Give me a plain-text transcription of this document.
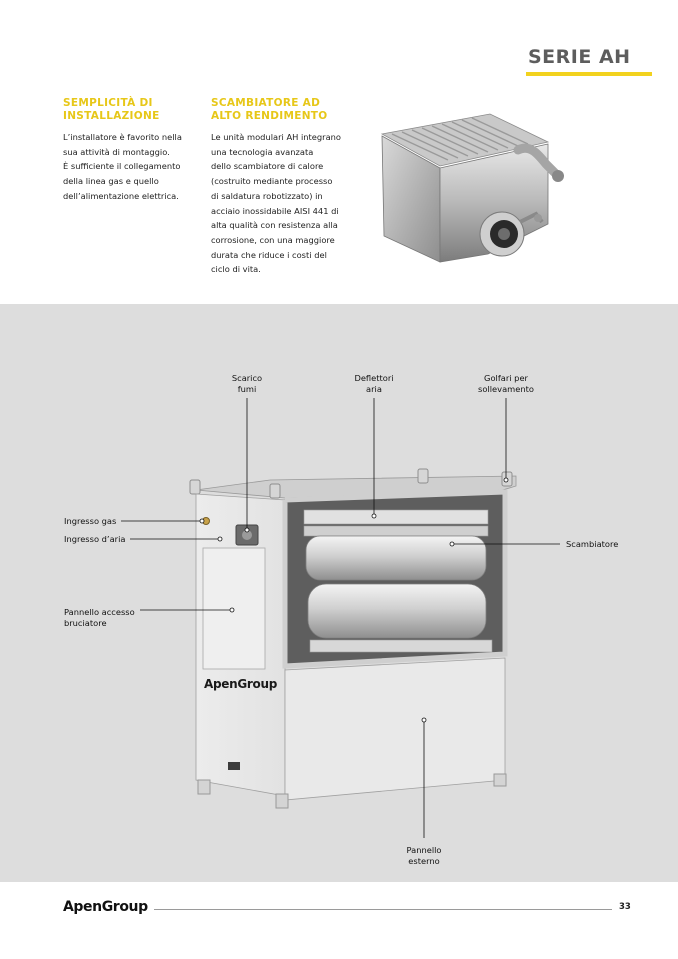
SERIE AH
SEMPLICITÀ DI
INSTALLAZIONE
L’installatore è favorito nella
sua attività di montaggio.
È sufficiente il collegamento
della linea gas e quello
dell’alimentazione elettrica.
SCAMBIATORE AD
ALTO RENDIMENTO
Le unità modulari AH integrano
una tecnologia avanzata
dello scambiatore di calore
(costruito mediante processo
di saldatura robotizzato) in
acciaio inossidabile AISI 441 di
alta qualità con resistenza alla
corrosione, con una maggiore
durata che riduce i costi del
ciclo di vita.
ApenGroup
Scarico
fumi
Deflettori
aria
Golfari per
sollevamento
Ingresso gas
Ingresso d’aria	Scambiatore
Pannello accesso
bruciatore
Pannello
esterno
ApenGroup	33
